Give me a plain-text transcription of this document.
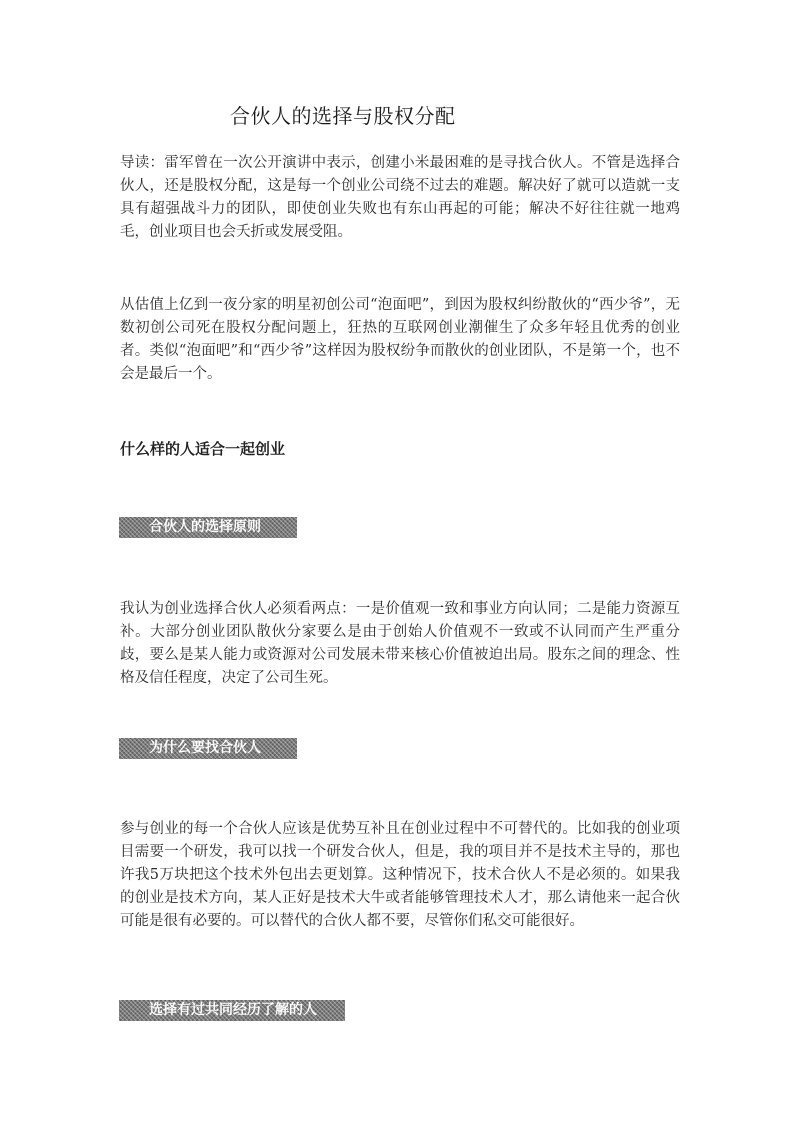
合伙人的选择与股权分配

导读：雷军曾在一次公开演讲中表示，创建小米最困难的是寻找合伙人。不管是选择合伙人，还是股权分配，这是每一个创业公司绕不过去的难题。解决好了就可以造就一支具有超强战斗力的团队，即使创业失败也有东山再起的可能；解决不好往往就一地鸡毛，创业项目也会夭折或发展受阻。

从估值上亿到一夜分家的明星初创公司“泡面吧”，到因为股权纠纷散伙的“西少爷”，无数初创公司死在股权分配问题上，狂热的互联网创业潮催生了众多年轻且优秀的创业者。类似“泡面吧”和“西少爷”这样因为股权纷争而散伙的创业团队，不是第一个，也不会是最后一个。

什么样的人适合一起创业
合伙人的选择原则

我认为创业选择合伙人必须看两点：一是价值观一致和事业方向认同；二是能力资源互补。大部分创业团队散伙分家要么是由于创始人价值观不一致或不认同而产生严重分歧，要么是某人能力或资源对公司发展未带来核心价值被迫出局。股东之间的理念、性格及信任程度，决定了公司生死。

为什么要找合伙人

参与创业的每一个合伙人应该是优势互补且在创业过程中不可替代的。比如我的创业项目需要一个研发，我可以找一个研发合伙人，但是，我的项目并不是技术主导的，那也许我5万块把这个技术外包出去更划算。这种情况下，技术合伙人不是必须的。如果我的创业是技术方向，某人正好是技术大牛或者能够管理技术人才，那么请他来一起合伙可能是很有必要的。可以替代的合伙人都不要，尽管你们私交可能很好。

选择有过共同经历了解的人
